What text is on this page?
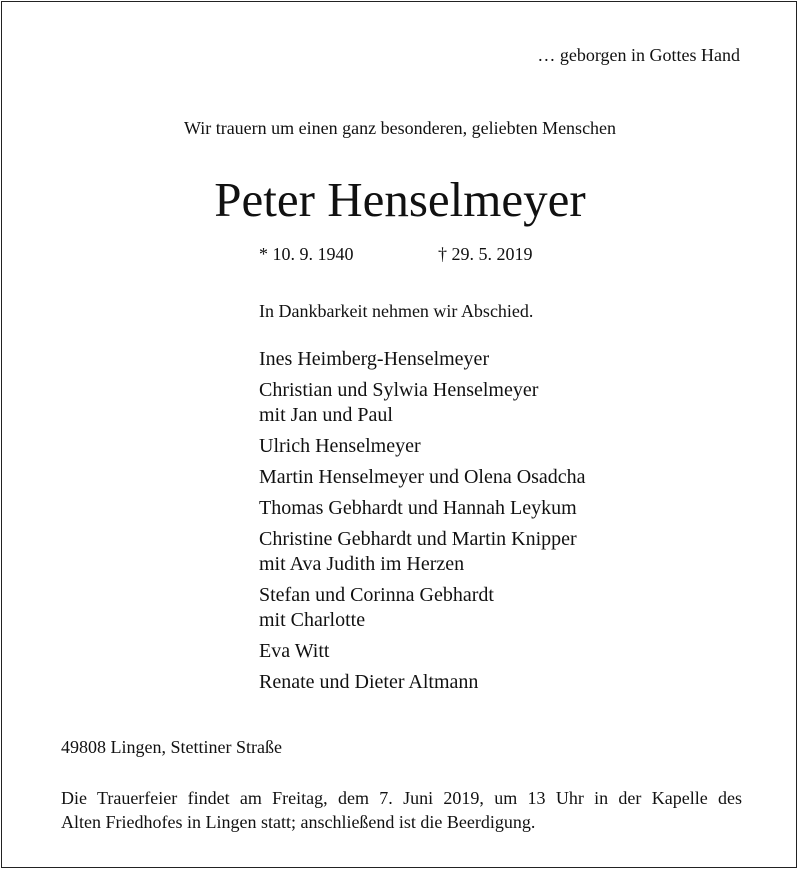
… geborgen in Gottes Hand
Wir trauern um einen ganz besonderen, geliebten Menschen
Peter Henselmeyer
* 10. 9. 1940	† 29. 5. 2019
In Dankbarkeit nehmen wir Abschied.
Ines Heimberg-Henselmeyer
Christian und Sylwia Henselmeyer
mit Jan und Paul
Ulrich Henselmeyer
Martin Henselmeyer und Olena Osadcha
Thomas Gebhardt und Hannah Leykum
Christine Gebhardt und Martin Knipper
mit Ava Judith im Herzen
Stefan und Corinna Gebhardt
mit Charlotte
Eva Witt
Renate und Dieter Altmann
49808 Lingen, Stettiner Straße
Die Trauerfeier findet am Freitag, dem 7. Juni 2019, um 13 Uhr in der Kapelle des
Alten Friedhofes in Lingen statt; anschließend ist die Beerdigung.
